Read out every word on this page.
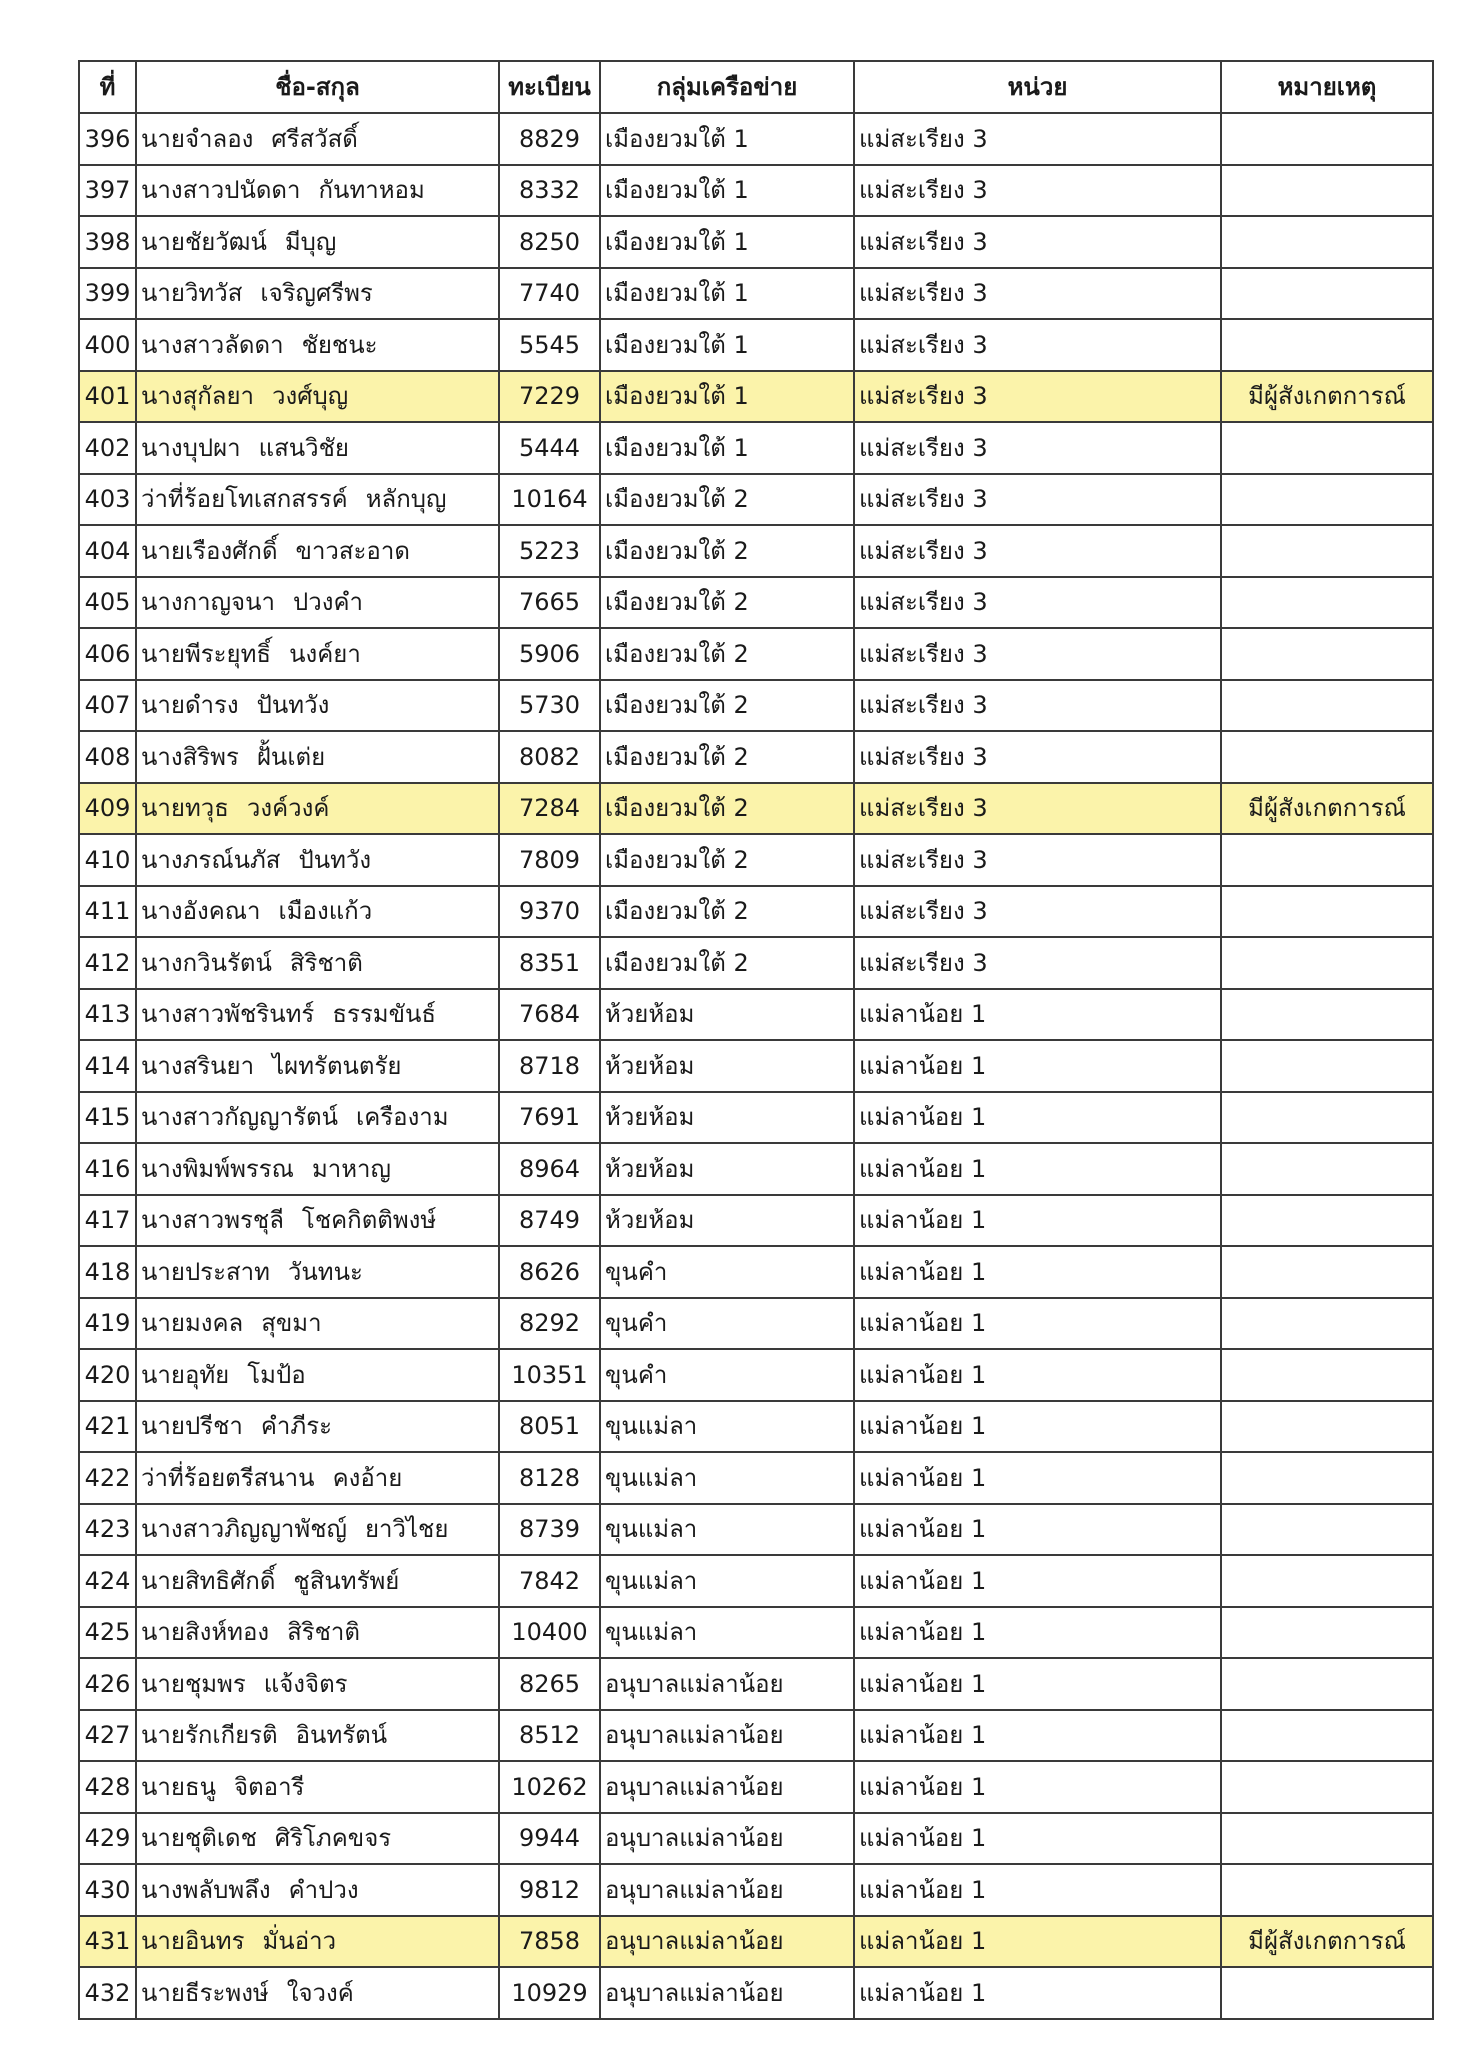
ที่	ชื่อ-สกุล	ทะเบียน	กลุ่มเครือข่าย	หน่วย	หมายเหตุ
396	นายจำลอง ศรีสวัสดิ์	8829	เมืองยวมใต้ 1	แม่สะเรียง 3	
397	นางสาวปนัดดา กันทาหอม	8332	เมืองยวมใต้ 1	แม่สะเรียง 3	
398	นายชัยวัฒน์ มีบุญ	8250	เมืองยวมใต้ 1	แม่สะเรียง 3	
399	นายวิทวัส เจริญศรีพร	7740	เมืองยวมใต้ 1	แม่สะเรียง 3	
400	นางสาวลัดดา ชัยชนะ	5545	เมืองยวมใต้ 1	แม่สะเรียง 3	
401	นางสุกัลยา วงศ์บุญ	7229	เมืองยวมใต้ 1	แม่สะเรียง 3	มีผู้สังเกตการณ์
402	นางบุปผา แสนวิชัย	5444	เมืองยวมใต้ 1	แม่สะเรียง 3	
403	ว่าที่ร้อยโทเสกสรรค์ หลักบุญ	10164	เมืองยวมใต้ 2	แม่สะเรียง 3	
404	นายเรืองศักดิ์ ขาวสะอาด	5223	เมืองยวมใต้ 2	แม่สะเรียง 3	
405	นางกาญจนา ปวงคำ	7665	เมืองยวมใต้ 2	แม่สะเรียง 3	
406	นายพีระยุทธิ์ นงค์ยา	5906	เมืองยวมใต้ 2	แม่สะเรียง 3	
407	นายดำรง ปันทวัง	5730	เมืองยวมใต้ 2	แม่สะเรียง 3	
408	นางสิริพร ฝั้นเต่ย	8082	เมืองยวมใต้ 2	แม่สะเรียง 3	
409	นายทวุธ วงค์วงค์	7284	เมืองยวมใต้ 2	แม่สะเรียง 3	มีผู้สังเกตการณ์
410	นางภรณ์นภัส ปันทวัง	7809	เมืองยวมใต้ 2	แม่สะเรียง 3	
411	นางอังคณา เมืองแก้ว	9370	เมืองยวมใต้ 2	แม่สะเรียง 3	
412	นางกวินรัตน์ สิริชาติ	8351	เมืองยวมใต้ 2	แม่สะเรียง 3	
413	นางสาวพัชรินทร์ ธรรมขันธ์	7684	ห้วยห้อม	แม่ลาน้อย 1	
414	นางสรินยา ไผทรัตนตรัย	8718	ห้วยห้อม	แม่ลาน้อย 1	
415	นางสาวกัญญารัตน์ เครืองาม	7691	ห้วยห้อม	แม่ลาน้อย 1	
416	นางพิมพ์พรรณ มาหาญ	8964	ห้วยห้อม	แม่ลาน้อย 1	
417	นางสาวพรชุลี โชคกิตติพงษ์	8749	ห้วยห้อม	แม่ลาน้อย 1	
418	นายประสาท วันทนะ	8626	ขุนคำ	แม่ลาน้อย 1	
419	นายมงคล สุขมา	8292	ขุนคำ	แม่ลาน้อย 1	
420	นายอุทัย โมป้อ	10351	ขุนคำ	แม่ลาน้อย 1	
421	นายปรีชา คำภีระ	8051	ขุนแม่ลา	แม่ลาน้อย 1	
422	ว่าที่ร้อยตรีสนาน คงอ้าย	8128	ขุนแม่ลา	แม่ลาน้อย 1	
423	นางสาวภิญญาพัชญ์ ยาวิไชย	8739	ขุนแม่ลา	แม่ลาน้อย 1	
424	นายสิทธิศักดิ์ ชูสินทรัพย์	7842	ขุนแม่ลา	แม่ลาน้อย 1	
425	นายสิงห์ทอง สิริชาติ	10400	ขุนแม่ลา	แม่ลาน้อย 1	
426	นายชุมพร แจ้งจิตร	8265	อนุบาลแม่ลาน้อย	แม่ลาน้อย 1	
427	นายรักเกียรติ อินทรัตน์	8512	อนุบาลแม่ลาน้อย	แม่ลาน้อย 1	
428	นายธนู จิตอารี	10262	อนุบาลแม่ลาน้อย	แม่ลาน้อย 1	
429	นายชุติเดช ศิริโภคขจร	9944	อนุบาลแม่ลาน้อย	แม่ลาน้อย 1	
430	นางพลับพลึง คำปวง	9812	อนุบาลแม่ลาน้อย	แม่ลาน้อย 1	
431	นายอินทร มั่นอ่าว	7858	อนุบาลแม่ลาน้อย	แม่ลาน้อย 1	มีผู้สังเกตการณ์
432	นายธีระพงษ์ ใจวงค์	10929	อนุบาลแม่ลาน้อย	แม่ลาน้อย 1	
